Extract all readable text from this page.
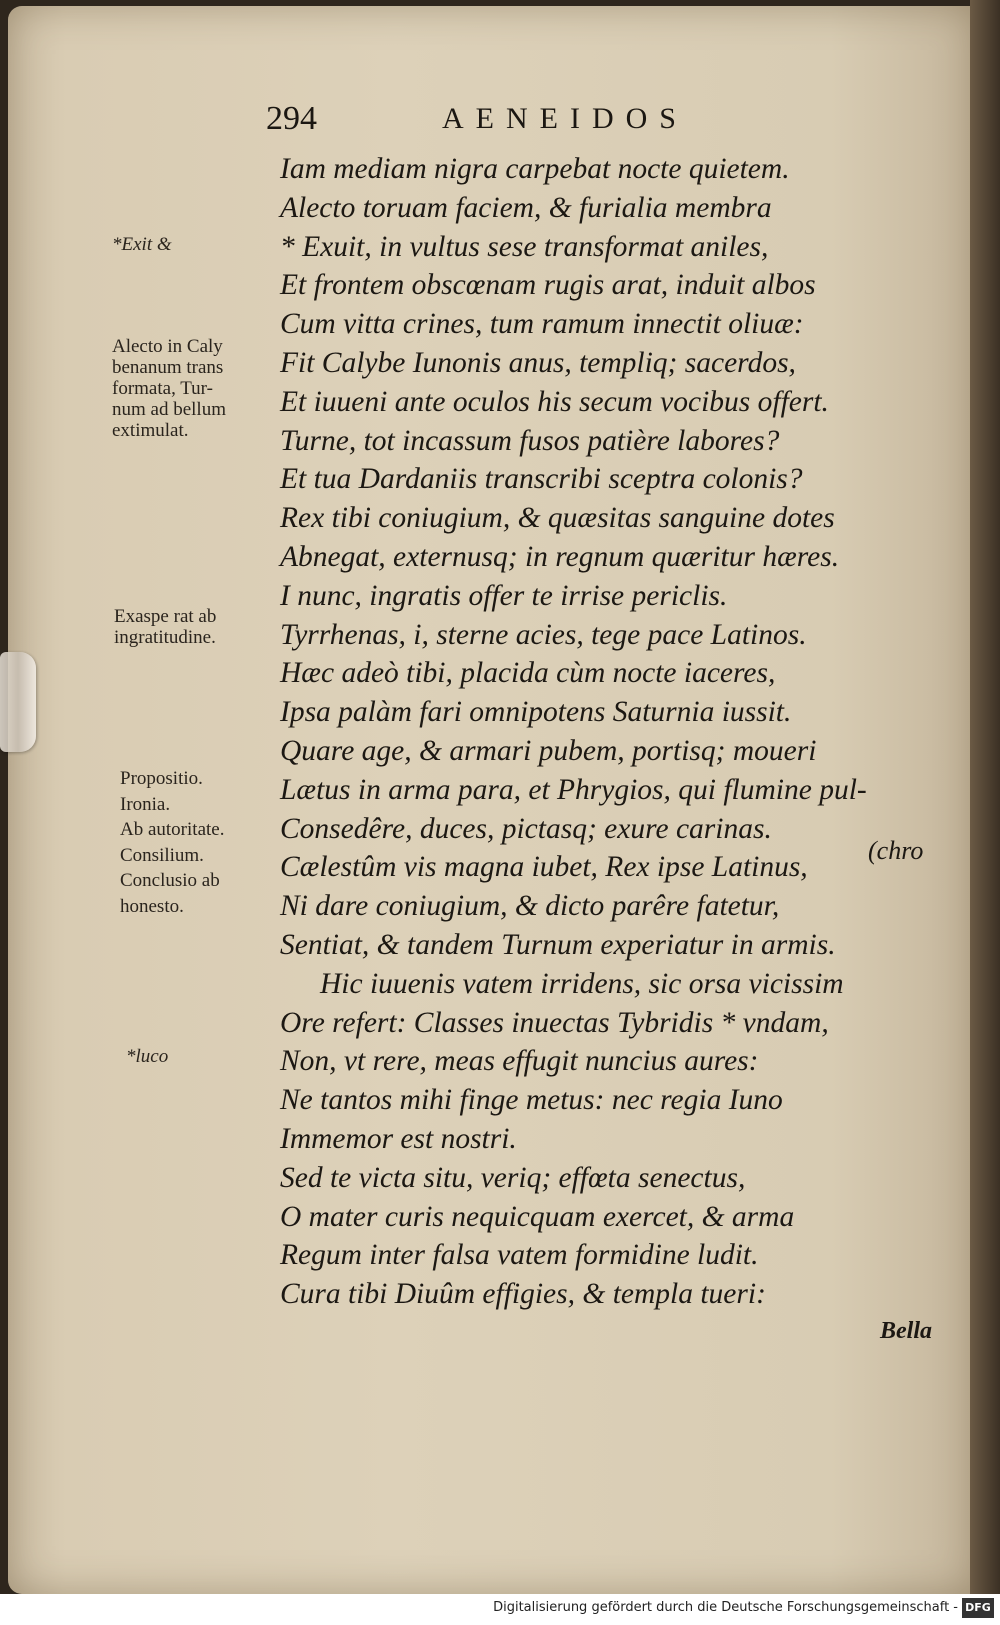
294	AENEIDOS
Iam mediam nigra carpebat nocte quietem.
Alecto toruam faciem, & furialia membra
* Exuit, in vultus sese transformat aniles,
Et frontem obscœnam rugis arat, induit albos
Cum vitta crines, tum ramum innectit oliuæ:
Fit Calybe Iunonis anus, templiq; sacerdos,
Et iuueni ante oculos his secum vocibus offert.
Turne, tot incassum fusos patière labores?
Et tua Dardaniis transcribi sceptra colonis?
Rex tibi coniugium, & quæsitas sanguine dotes
Abnegat, externusq; in regnum quæritur hæres.
I nunc, ingratis offer te irrise periclis.
Tyrrhenas, i, sterne acies, tege pace Latinos.
Hæc adeò tibi, placida cùm nocte iaceres,
Ipsa palàm fari omnipotens Saturnia iussit.
Quare age, & armari pubem, portisq; moueri
Lætus in arma para, et Phrygios, qui flumine pul-
Consedêre, duces, pictasq; exure carinas.
Cælestûm vis magna iubet, Rex ipse Latinus,
Ni dare coniugium, & dicto parêre fatetur,
Sentiat, & tandem Turnum experiatur in armis.
Hic iuuenis vatem irridens, sic orsa vicissim
Ore refert: Classes inuectas Tybridis * vndam,
Non, vt rere, meas effugit nuncius aures:
Ne tantos mihi finge metus: nec regia Iuno
Immemor est nostri.
Sed te victa situ, veriq; effœta senectus,
O mater curis nequicquam exercet, & arma
Regum inter falsa vatem formidine ludit.
Cura tibi Diuûm effigies, & templa tueri:
(chro
Bella
*Exit &
Alecto in Caly
benanum trans
formata, Tur-
num ad bellum
extimulat.
Exaspe rat ab
ingratitudine.
Propositio.
Ironia.
Ab autoritate.
Consilium.
Conclusio ab
honesto.
*luco
Digitalisierung gefördert durch die Deutsche Forschungsgemeinschaft - DFG
